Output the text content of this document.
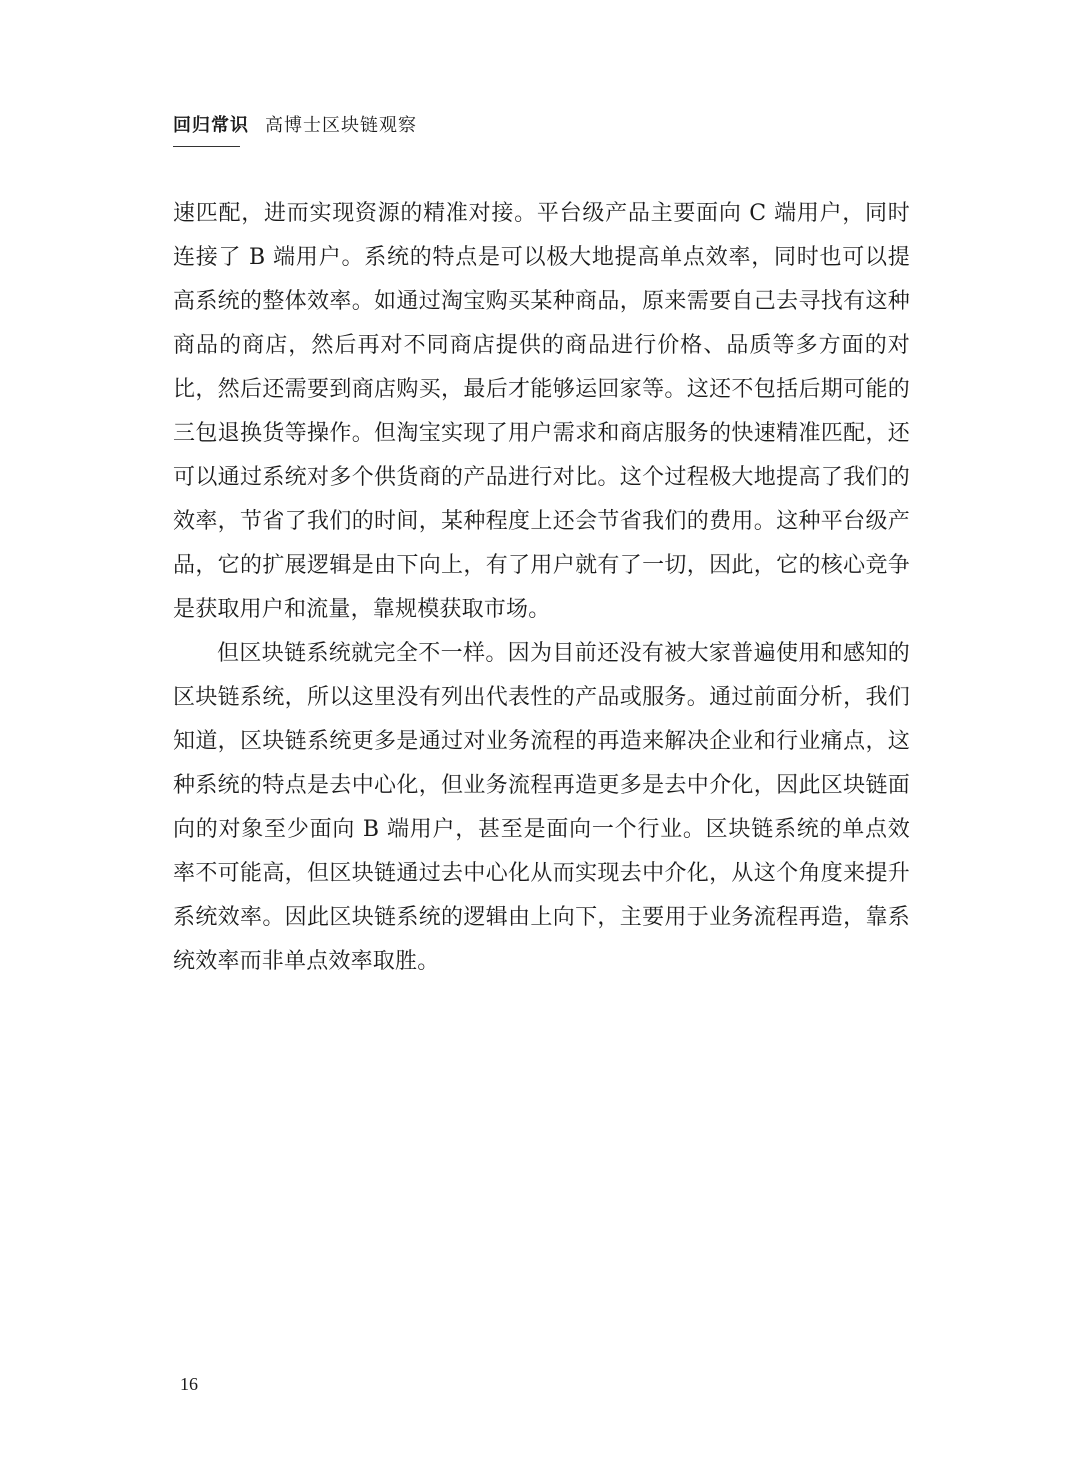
回归常识 高博士区块链观察

速匹配，进而实现资源的精准对接。平台级产品主要面向 C 端用户，同时连接了 B 端用户。系统的特点是可以极大地提高单点效率，同时也可以提高系统的整体效率。如通过淘宝购买某种商品，原来需要自己去寻找有这种商品的商店，然后再对不同商店提供的商品进行价格、品质等多方面的对比，然后还需要到商店购买，最后才能够运回家等。这还不包括后期可能的三包退换货等操作。但淘宝实现了用户需求和商店服务的快速精准匹配，还可以通过系统对多个供货商的产品进行对比。这个过程极大地提高了我们的效率，节省了我们的时间，某种程度上还会节省我们的费用。这种平台级产品，它的扩展逻辑是由下向上，有了用户就有了一切，因此，它的核心竞争是获取用户和流量，靠规模获取市场。

但区块链系统就完全不一样。因为目前还没有被大家普遍使用和感知的区块链系统，所以这里没有列出代表性的产品或服务。通过前面分析，我们知道，区块链系统更多是通过对业务流程的再造来解决企业和行业痛点，这种系统的特点是去中心化，但业务流程再造更多是去中介化，因此区块链面向的对象至少面向 B 端用户，甚至是面向一个行业。区块链系统的单点效率不可能高，但区块链通过去中心化从而实现去中介化，从这个角度来提升系统效率。因此区块链系统的逻辑由上向下，主要用于业务流程再造，靠系统效率而非单点效率取胜。

16
